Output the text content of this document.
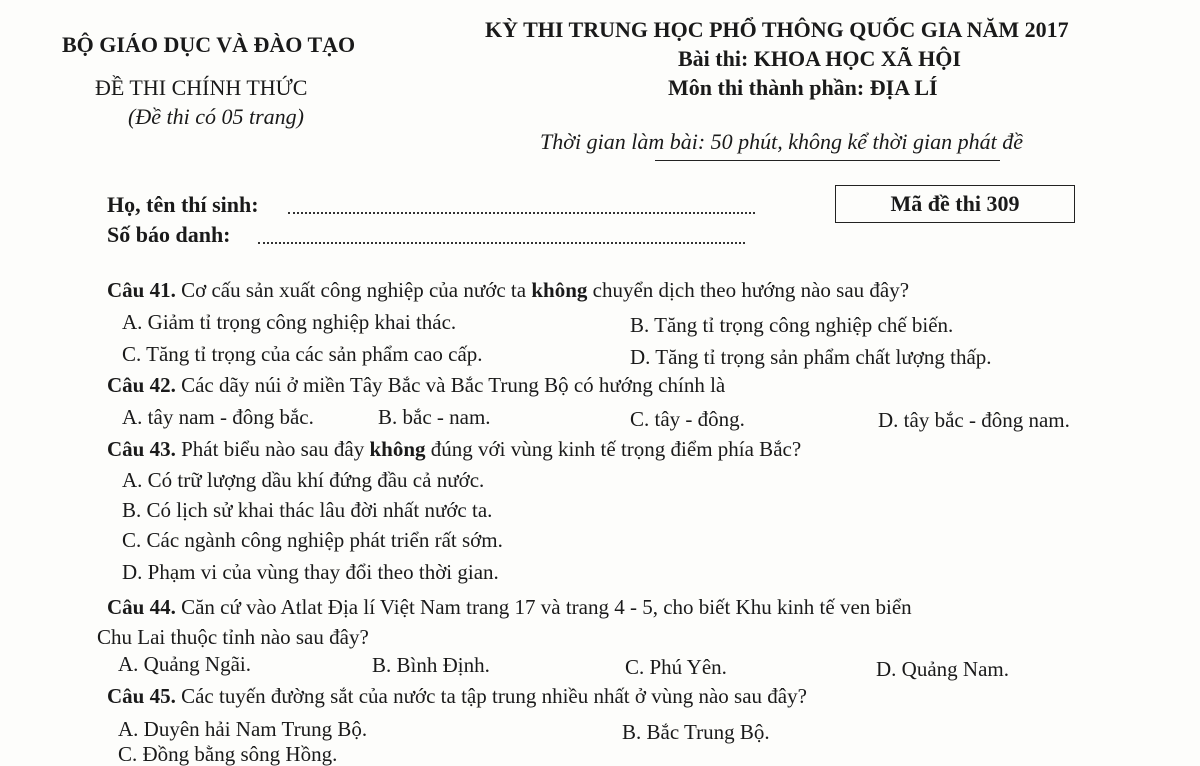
BỘ GIÁO DỤC VÀ ĐÀO TẠO
ĐỀ THI CHÍNH THỨC
(Đề thi có 05 trang)
KỲ THI TRUNG HỌC PHỔ THÔNG QUỐC GIA NĂM 2017
Bài thi: KHOA HỌC XÃ HỘI
Môn thi thành phần: ĐỊA LÍ
Thời gian làm bài: 50 phút, không kể thời gian phát đề
Họ, tên thí sinh:
Số báo danh:
Mã đề thi 309
Câu 41. Cơ cấu sản xuất công nghiệp của nước ta không chuyển dịch theo hướng nào sau đây?
A. Giảm tỉ trọng công nghiệp khai thác.	B. Tăng tỉ trọng công nghiệp chế biến.
C. Tăng tỉ trọng của các sản phẩm cao cấp.	D. Tăng tỉ trọng sản phẩm chất lượng thấp.
Câu 42. Các dãy núi ở miền Tây Bắc và Bắc Trung Bộ có hướng chính là
A. tây nam - đông bắc.	B. bắc - nam.	C. tây - đông.	D. tây bắc - đông nam.
Câu 43. Phát biểu nào sau đây không đúng với vùng kinh tế trọng điểm phía Bắc?
A. Có trữ lượng dầu khí đứng đầu cả nước.
B. Có lịch sử khai thác lâu đời nhất nước ta.
C. Các ngành công nghiệp phát triển rất sớm.
D. Phạm vi của vùng thay đổi theo thời gian.
Câu 44. Căn cứ vào Atlat Địa lí Việt Nam trang 17 và trang 4 - 5, cho biết Khu kinh tế ven biển
Chu Lai thuộc tỉnh nào sau đây?
A. Quảng Ngãi.	B. Bình Định.	C. Phú Yên.	D. Quảng Nam.
Câu 45. Các tuyến đường sắt của nước ta tập trung nhiều nhất ở vùng nào sau đây?
A. Duyên hải Nam Trung Bộ.	B. Bắc Trung Bộ.
C. Đồng bằng sông Hồng.
